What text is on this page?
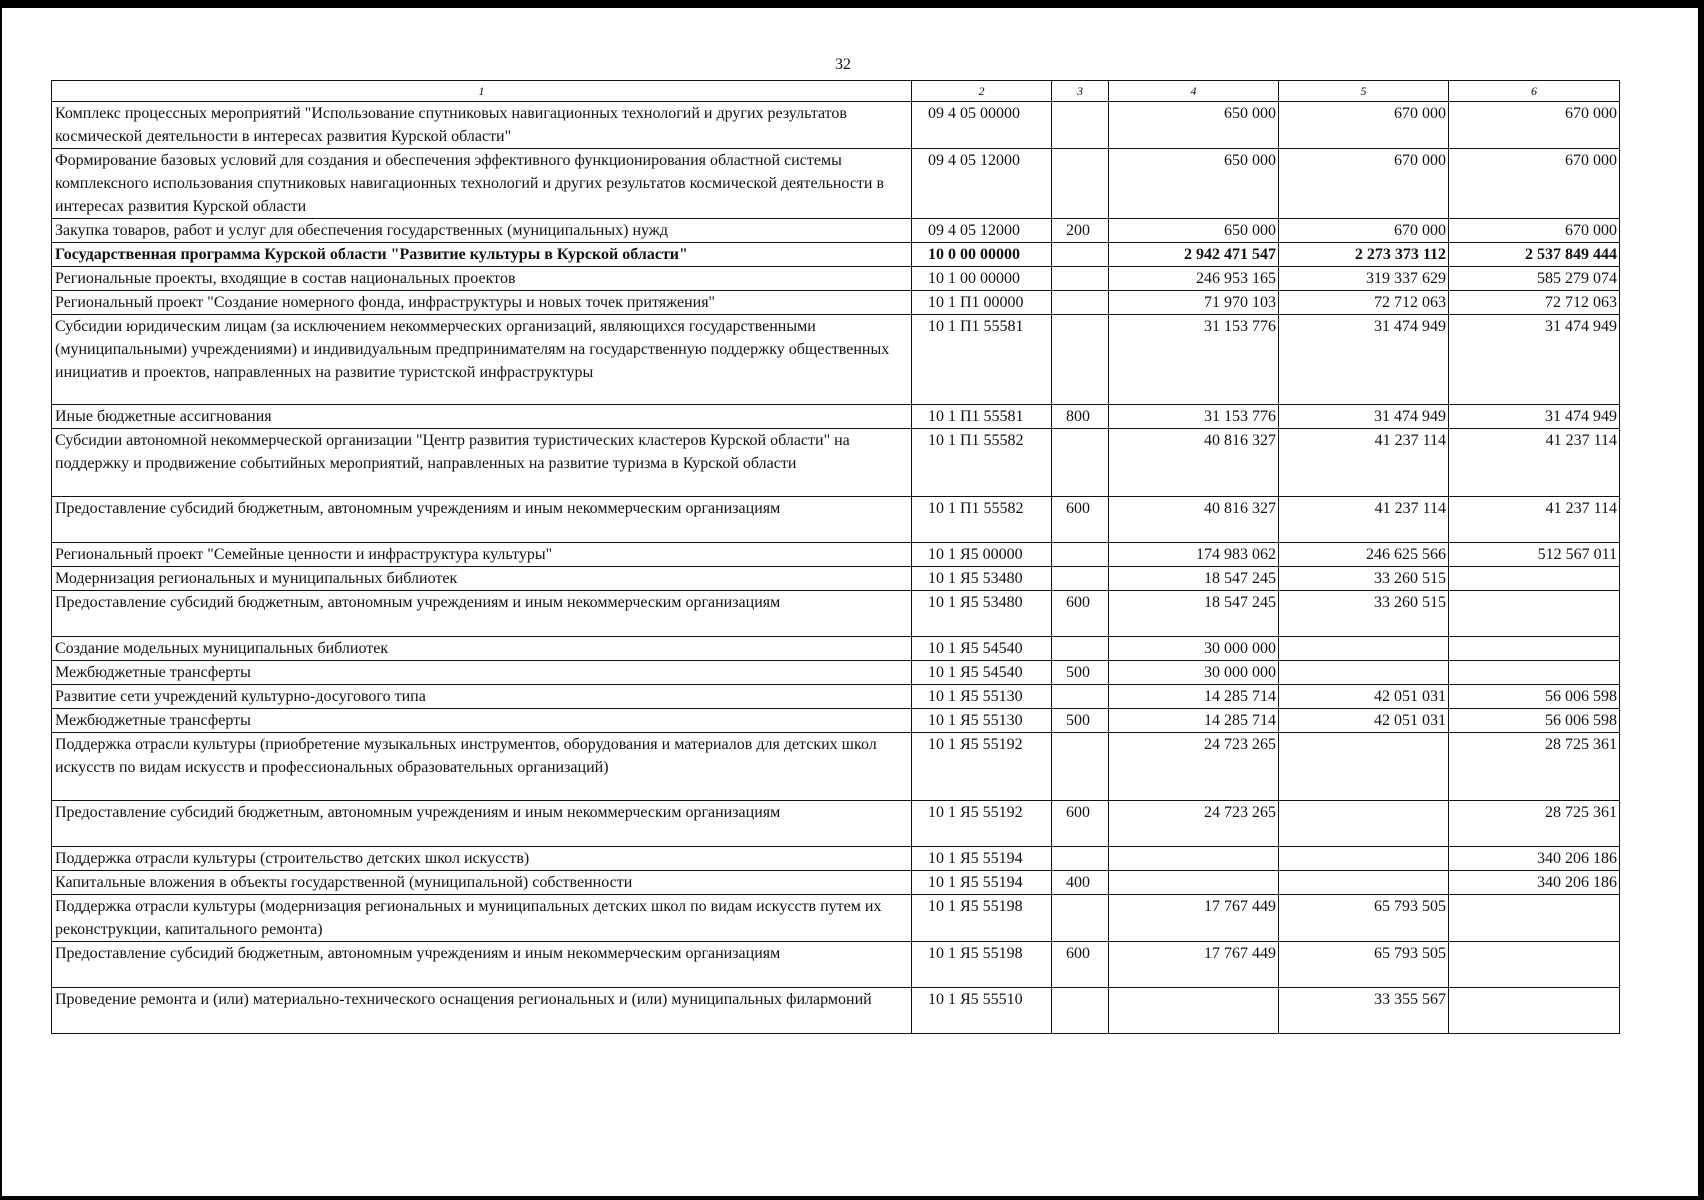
32
1	2	3	4	5	6
Комплекс процессных мероприятий "Использование спутниковых навигационных технологий и других результатов космической деятельности в интересах развития Курской области"	09 4 05 00000		650 000	670 000	670 000
Формирование базовых условий для создания и обеспечения эффективного функционирования областной системы комплексного использования спутниковых навигационных технологий и других результатов космической деятельности в интересах развития Курской области	09 4 05 12000		650 000	670 000	670 000
Закупка товаров, работ и услуг для обеспечения государственных (муниципальных) нужд	09 4 05 12000	200	650 000	670 000	670 000
Государственная программа Курской области "Развитие культуры в Курской области"	10 0 00 00000		2 942 471 547	2 273 373 112	2 537 849 444
Региональные проекты, входящие в состав национальных проектов	10 1 00 00000		246 953 165	319 337 629	585 279 074
Региональный проект "Создание номерного фонда, инфраструктуры и новых точек притяжения"	10 1 П1 00000		71 970 103	72 712 063	72 712 063
Субсидии юридическим лицам (за исключением некоммерческих организаций, являющихся государственными (муниципальными) учреждениями) и индивидуальным предпринимателям на государственную поддержку общественных инициатив и проектов, направленных на развитие туристской инфраструктуры	10 1 П1 55581		31 153 776	31 474 949	31 474 949
Иные бюджетные ассигнования	10 1 П1 55581	800	31 153 776	31 474 949	31 474 949
Субсидии автономной некоммерческой организации "Центр развития туристических кластеров Курской области" на поддержку и продвижение событийных мероприятий, направленных на развитие туризма в Курской области	10 1 П1 55582		40 816 327	41 237 114	41 237 114
Предоставление субсидий бюджетным, автономным учреждениям и иным некоммерческим организациям	10 1 П1 55582	600	40 816 327	41 237 114	41 237 114
Региональный проект "Семейные ценности и инфраструктура культуры"	10 1 Я5 00000		174 983 062	246 625 566	512 567 011
Модернизация региональных и муниципальных библиотек	10 1 Я5 53480		18 547 245	33 260 515	
Предоставление субсидий бюджетным, автономным учреждениям и иным некоммерческим организациям	10 1 Я5 53480	600	18 547 245	33 260 515	
Создание модельных муниципальных библиотек	10 1 Я5 54540		30 000 000		
Межбюджетные трансферты	10 1 Я5 54540	500	30 000 000		
Развитие сети учреждений культурно-досугового типа	10 1 Я5 55130		14 285 714	42 051 031	56 006 598
Межбюджетные трансферты	10 1 Я5 55130	500	14 285 714	42 051 031	56 006 598
Поддержка отрасли культуры (приобретение музыкальных инструментов, оборудования и материалов для детских школ искусств по видам искусств и профессиональных образовательных организаций)	10 1 Я5 55192		24 723 265		28 725 361
Предоставление субсидий бюджетным, автономным учреждениям и иным некоммерческим организациям	10 1 Я5 55192	600	24 723 265		28 725 361
Поддержка отрасли культуры (строительство детских школ искусств)	10 1 Я5 55194				340 206 186
Капитальные вложения в объекты государственной (муниципальной) собственности	10 1 Я5 55194	400			340 206 186
Поддержка отрасли культуры (модернизация региональных и муниципальных детских школ по видам искусств путем их реконструкции, капитального ремонта)	10 1 Я5 55198		17 767 449	65 793 505	
Предоставление субсидий бюджетным, автономным учреждениям и иным некоммерческим организациям	10 1 Я5 55198	600	17 767 449	65 793 505	
Проведение ремонта и (или) материально-технического оснащения региональных и (или) муниципальных филармоний	10 1 Я5 55510			33 355 567	
